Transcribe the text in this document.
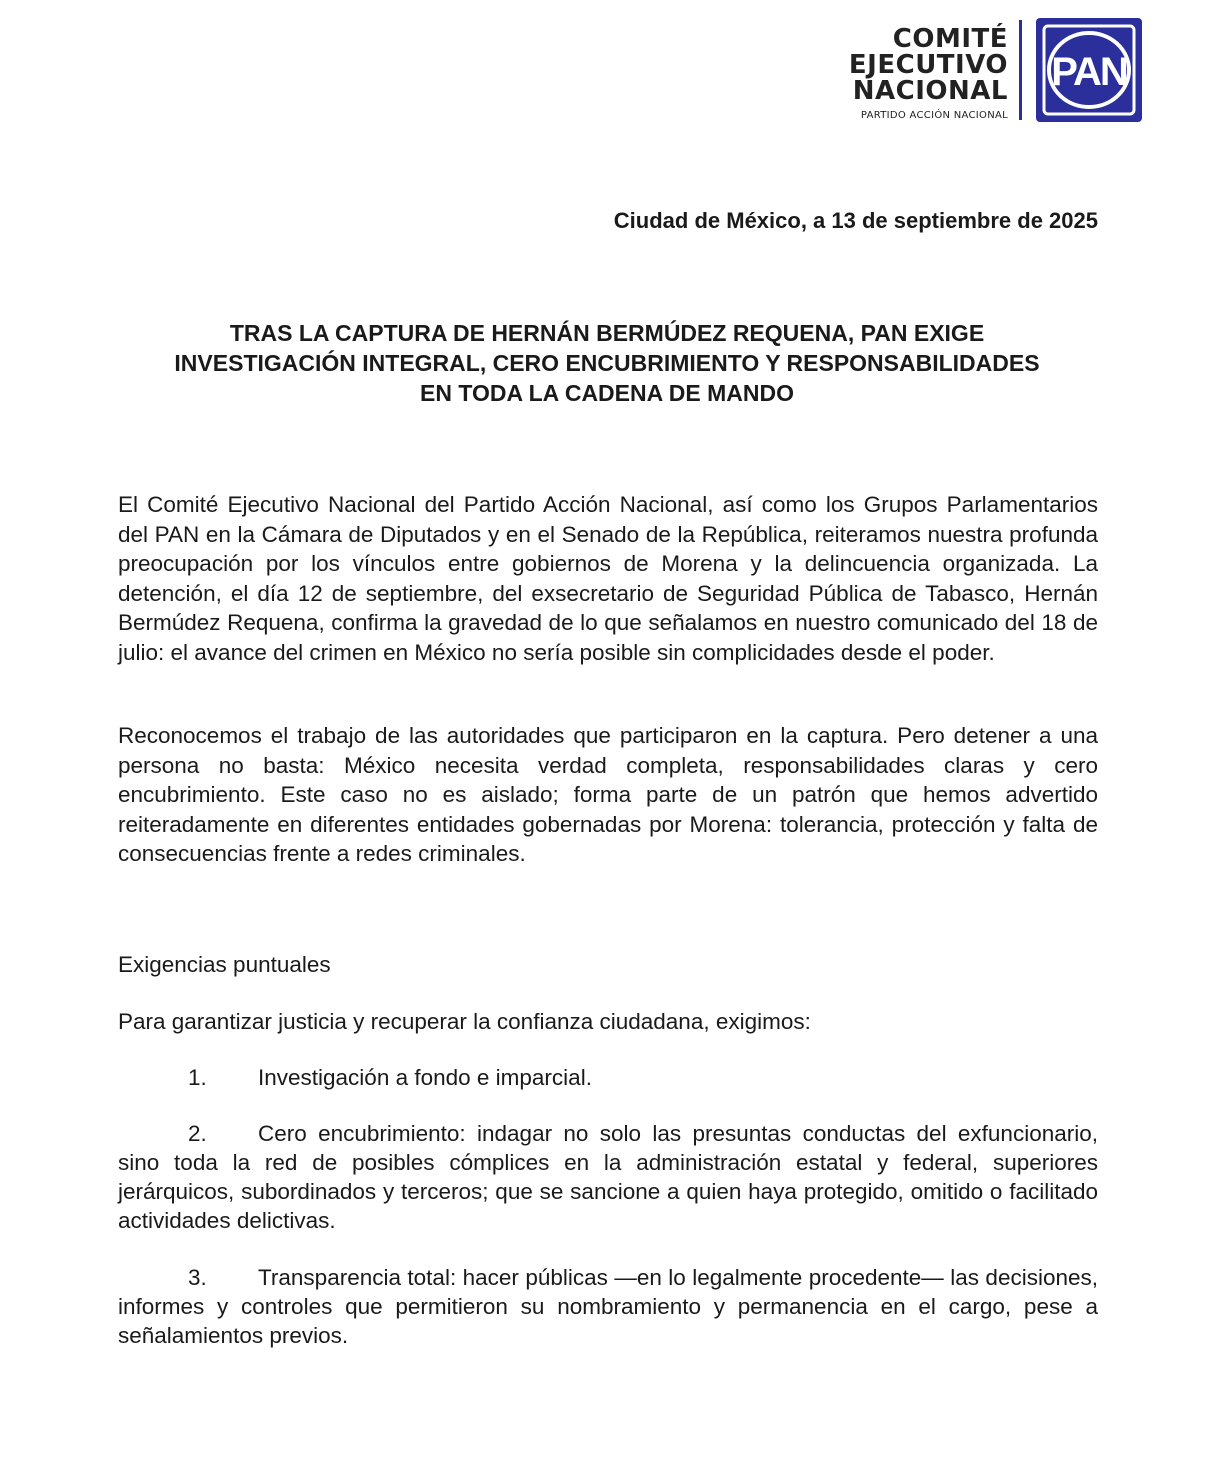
COMITÉ
EJECUTIVO
NACIONAL
PARTIDO ACCIÓN NACIONAL
PAN
Ciudad de México, a 13 de septiembre de 2025
TRAS LA CAPTURA DE HERNÁN BERMÚDEZ REQUENA, PAN EXIGE
INVESTIGACIÓN INTEGRAL, CERO ENCUBRIMIENTO Y RESPONSABILIDADES
EN TODA LA CADENA DE MANDO
El Comité Ejecutivo Nacional del Partido Acción Nacional, así como los Grupos Parlamentarios del PAN en la Cámara de Diputados y en el Senado de la República, reiteramos nuestra profunda preocupación por los vínculos entre gobiernos de Morena y la delincuencia organizada. La detención, el día 12 de septiembre, del exsecretario de Seguridad Pública de Tabasco, Hernán Bermúdez Requena, confirma la gravedad de lo que señalamos en nuestro comunicado del 18 de julio: el avance del crimen en México no sería posible sin complicidades desde el poder.
Reconocemos el trabajo de las autoridades que participaron en la captura. Pero detener a una persona no basta: México necesita verdad completa, responsabilidades claras y cero encubrimiento. Este caso no es aislado; forma parte de un patrón que hemos advertido reiteradamente en diferentes entidades gobernadas por Morena: tolerancia, protección y falta de consecuencias frente a redes criminales.
Exigencias puntuales
Para garantizar justicia y recuperar la confianza ciudadana, exigimos:
1. Investigación a fondo e imparcial.
2. Cero encubrimiento: indagar no solo las presuntas conductas del exfuncionario, sino toda la red de posibles cómplices en la administración estatal y federal, superiores jerárquicos, subordinados y terceros; que se sancione a quien haya protegido, omitido o facilitado actividades delictivas.
3. Transparencia total: hacer públicas —en lo legalmente procedente— las decisiones, informes y controles que permitieron su nombramiento y permanencia en el cargo, pese a señalamientos previos.
